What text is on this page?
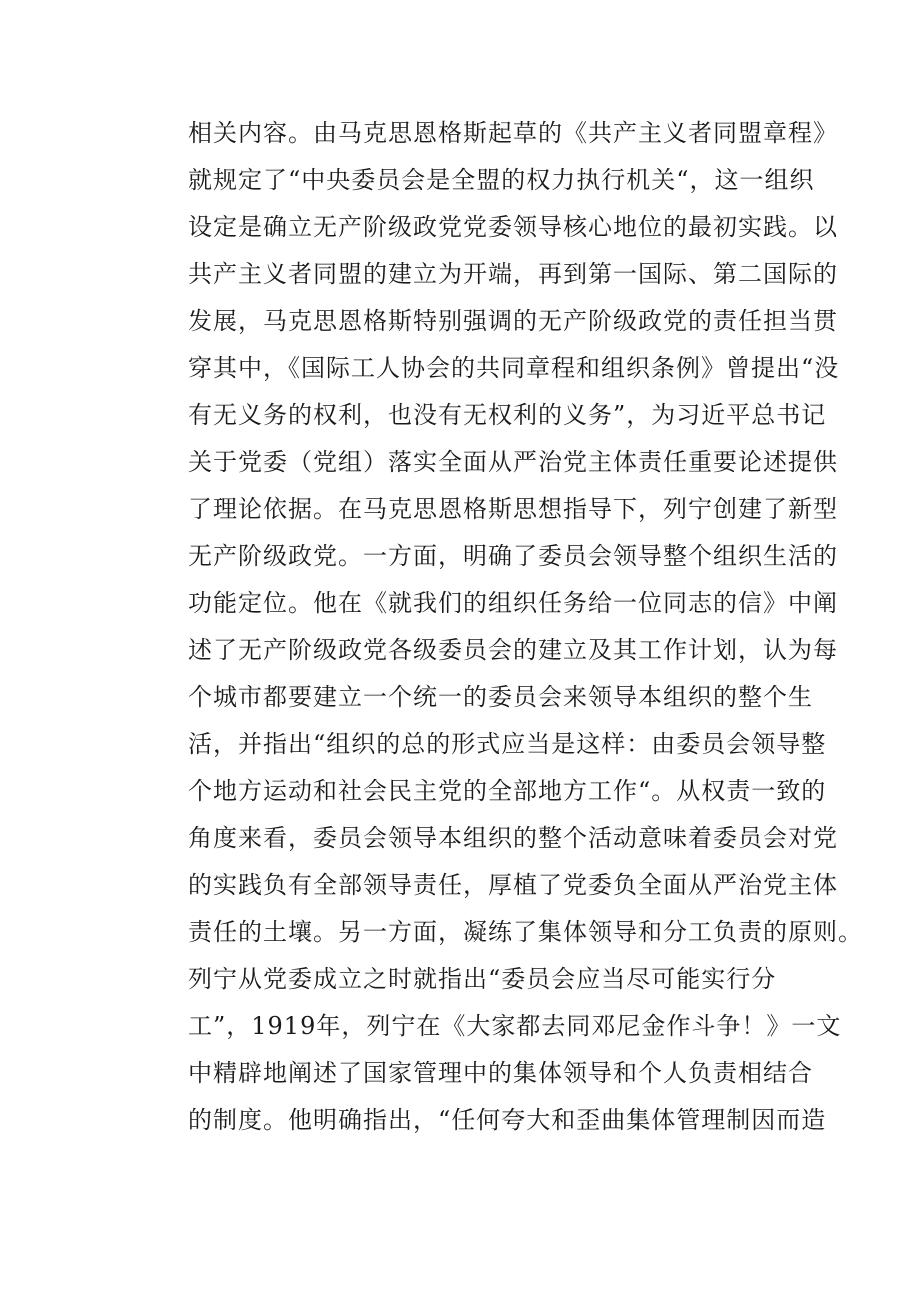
相关内容。由马克思恩格斯起草的《共产主义者同盟章程》
就规定了“中央委员会是全盟的权力执行机关“，这一组织
设定是确立无产阶级政党党委领导核心地位的最初实践。以
共产主义者同盟的建立为开端，再到第一国际、第二国际的
发展，马克思恩格斯特别强调的无产阶级政党的责任担当贯
穿其中，《国际工人协会的共同章程和组织条例》曾提出“没
有无义务的权利，也没有无权利的义务”，为习近平总书记
关于党委（党组）落实全面从严治党主体责任重要论述提供
了理论依据。在马克思恩格斯思想指导下，列宁创建了新型
无产阶级政党。一方面，明确了委员会领导整个组织生活的
功能定位。他在《就我们的组织任务给一位同志的信》中阐
述了无产阶级政党各级委员会的建立及其工作计划，认为每
个城市都要建立一个统一的委员会来领导本组织的整个生
活，并指出“组织的总的形式应当是这样：由委员会领导整
个地方运动和社会民主党的全部地方工作“。从权责一致的
角度来看，委员会领导本组织的整个活动意味着委员会对党
的实践负有全部领导责任，厚植了党委负全面从严治党主体
责任的土壤。另一方面，凝练了集体领导和分工负责的原则。
列宁从党委成立之时就指出“委员会应当尽可能实行分
工”，1919年，列宁在《大家都去同邓尼金作斗争！》一文
中精辟地阐述了国家管理中的集体领导和个人负责相结合
的制度。他明确指出，“任何夸大和歪曲集体管理制因而造
